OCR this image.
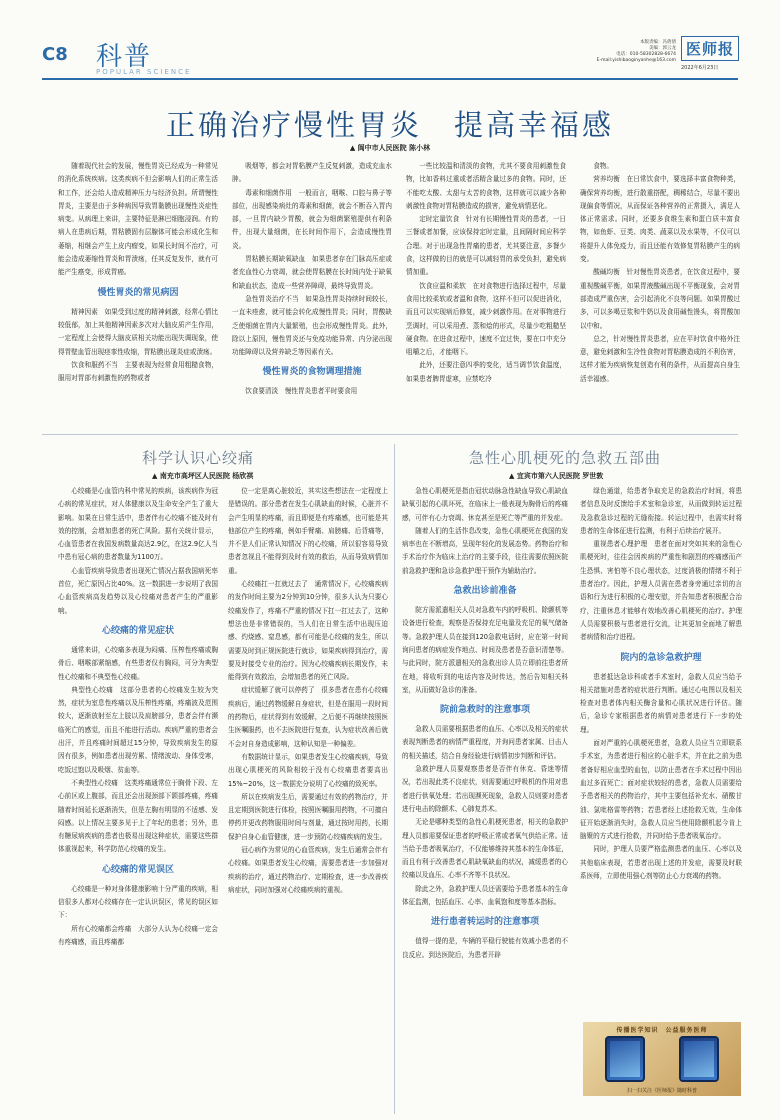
C8 科普
POPULAR SCIENCE
本版责编：冯倩倩
美编：郭云龙
电话：010-58302828-6674
E-mail:yishibaoginyanhe@163.com
医师报
2022年6月23日
正确治疗慢性胃炎　提高幸福感
▲ 阆中市人民医院 陈小林

随着现代社会的发展，慢性胃炎已经成为一种常见的消化系统疾病。这类疾病不但会影响人们的正常生活和工作，还会给人造成精神压力与经济负担。所谓慢性胃炎，主要是由于多种病因导致胃黏膜出现慢性炎症性病变。从病理上来讲，主要特征是淋巴细胞浸润。有的病人在患病后期，胃粘膜固有层腺体可能会形成化生和萎缩，相继会产生上皮内瘤变，如果长时间不治疗，可能会造成萎缩性胃炎和胃溃疡，任其反复发作，就有可能产生癌变，形成胃癌。

慢性胃炎的常见病因

精神因素　如果受到过度的精神刺激，经常心情比较低郁，加上其他精神因素多次对大脑皮质产生作用，一定程度上会使得大脑皮质相关功能出现失调现象，使得胃壁血管出现痉挛性收缩，胃粘膜出现炎症或溃疡。

饮食和服药不当　主要表现为经常食用粗糙食物，服用对胃部有刺激性的药物或者

吸烟等，都会对胃粘膜产生反复刺激，造成充血水肿。

毒素和细菌作用　一般而言，咽喉、口腔与鼻子等部位，出现感染病灶的毒素和细菌，就会不断吞入胃内部，一旦胃内缺少胃酸，就会为细菌繁殖提供有利条件，出现大量细菌，在长时间作用下，会造成慢性胃炎。

胃粘膜长期缺氧缺血　如果患者存在门脉高压症或者充血性心力衰竭，就会使胃粘膜在长时间内处于缺氧和缺血状态，造成一些营养障碍，最终导致胃炎。

急性胃炎治疗不当　如果急性胃炎持续时间较长，一直未痊愈，就可能会转化成慢性胃炎；同时，胃酸缺乏使细菌在胃内大量繁殖，也会形成慢性胃炎。此外，除以上原因，慢性胃炎还与免疫功能异常、内分泌出现功能障碍以及营养缺乏等因素有关。

慢性胃炎的食物调理措施

饮食要清淡　慢性胃炎患者平时要食用

一些比较温和清淡的食物，尤其不要食用刺激性食物，比如香料过重或者活精含量过多的食物。同时，还不能吃太酸、太甜与太苦的食物，这样就可以减少各种刺激性食物对胃粘膜造成的损害，避免病情恶化。

定时定量饮食　针对有长期慢性胃炎的患者，一日三餐或者加餐，应该保持定时定量，且间隔时间应科学合理。对于出现急性胃痛的患者，尤其要注意，多餐少食，这样做的目的就是可以减轻胃的承受负担，避免病情加重。

饮食应温和柔软　在对食物进行选择过程中，尽量食用比较柔软或者温和食物，这样不但可以促进消化，而且可以实现病后修复，减少刺激作用。在对事物进行烹调时，可以采用煮、蒸和烩的形式，尽量少吃粗糙坚硬食物。在进食过程中，速度不宜过快，要在口中充分咀嚼之后，才能咽下。

此外，还要注意四季的变化，适当调节饮食温度，如果患者脾胃虚寒，应禁吃冷

食物。

营养均衡　在日常饮食中，要选择丰富食物种类，确保营养均衡，进行散重搭配，稠稀结合，尽量不要出现偏食等情况，从而保证各种营养的正常摄入，满足人体正常需求。同时，还要多食维生素和蛋白质丰富食物，如鱼虾、豆类、肉类、蔬菜以及水果等，不仅可以将提升人体免疫力，而且还能有效修复胃粘膜产生的病变。

酸碱均衡　针对慢性胃炎患者，在饮食过程中，要重视酸碱平衡，如果胃液酸碱出现不平衡现象，会对胃部造成严重伤害，会引起消化不良等问题。如果胃酸过多，可以多喝豆浆和牛奶以及食用碱性馒头，将胃酸加以中和。

总之，针对慢性胃炎患者，应在平时饮食中格外注意，避免刺激和生冷性食物对胃粘膜造成的不利伤害，这样才能为疾病恢复创造有利的条件，从而提高自身生活幸福感。

科学认识心绞痛
▲ 南充市高坪区人民医院 杨欣祺

心绞痛是心血管内科中常见的疾病，该疾病作为冠心病的常见症状，对人体健康以及生命安全产生了重大影响。如果在日常生活中，患者伴有心绞痛不能及时有效的控制，会增加患者的死亡风险。据有关统计显示，心血管患者在我国发病数量高达2.9亿，在这2.9亿人当中患有冠心病的患者数量为1100万。

心血管疾病导致患者出现死亡情况占据我国病死率首位，死亡原因占比40%。这一数据进一步说明了我国心血管疾病高发趋势以及心绞痛对患者产生的严重影响。

心绞痛的常见症状

通常来讲，心绞痛多表现为闷痛、压榨性疼痛或胸骨后、咽喉部紧缩感，有些患者仅有胸闷，可分为典型性心绞痛和不典型性心绞痛。

典型性心绞痛　这部分患者的心绞痛发生较为突然，症状为室息性疼痛以及压榨性疼痛，疼痛波及范围较大，逐渐放射至左上肢以及肩膀部分，患者会伴有濒临死亡的感觉，而且不能进行活动。疾病严重的患者会出汗，并且疼痛时间超过15分钟，导致疾病发生的原因有很多，例如患者出现劳累、情绪波动、身体受寒，吃饭过饱以及吸烟、贫血等。

不典型性心绞痛　这类疼痛通常位于胸骨下段、左心前区或上腹部，而且还会出现颈部下颌部疼痛，疼痛随着时间延长逐渐消失，但是左胸有明显的不适感、发闷感。以上情况主要多见于上了年纪的患者；另外，患有糖尿病疾病的患者也极易出现这种症状，需要这些群体重视起来，科学防范心绞痛的发生。

心绞痛的常见误区

心绞痛是一种对身体健康影响十分严重的疾病，相信很多人都对心绞痛存在一定认识误区，常见的误区如下：

所有心绞痛都会疼痛　大部分人认为心绞痛一定会有疼痛感，而且疼痛都

位一定是离心脏较近，其实这些想法在一定程度上是错误的。部分患者在发生心肌缺血的时候，心脏并不会产生明显的疼痛，而且即便是有疼痛感，也可能是其他部位产生的疼痛，例如手臂痛、肩膀痛、后背痛等，并不是人们正常认知情况下的心绞痛，所以很容易导致患者忽视且不能得到及时有效的救治，从而导致病情加重。

心绞痛扛一扛就过去了　通常情况下，心绞痛疾病的发作时间主要为2分钟到10分钟，很多人认为只要心绞痛发作了，疼痛不严重的情况下扛一扛过去了，这种想法也是非常错误的，当人们在日常生活中出现压迫感、灼烧感、窒息感，都有可能是心绞痛的发生，所以需要及时到正规医院进行就诊，如果疾病得到治疗，需要及时接受专业的治疗。因为心绞痛疾病长期发作，未能得到有效救治，会增加患者的死亡风险。

症状缓解了就可以停药了　很多患者在患有心绞痛疾病后，通过药物缓解自身症状，但是在服用一段时间的药物后，症状得到有效缓解，之后便不再继续按照医生医嘱服药，也不去医院进行复查，认为症状改善后就不会对自身造成影响，这种认知是一种偏差。

有数据统计显示，如果患者发生心绞痛疾病，导致出现心肌梗死的风险相较于没有心绞痛患者要高出15%~20%，这一数据充分说明了心绞痛的致死率。

所以在疾病发生后，需要通过有效的药物治疗，并且定期到医院进行体检，按照医嘱服用药物，不可擅自停药并更改药物服用时间与剂量，通过按时用药，长期保护自身心血管健康，进一步预防心绞痛疾病的发生。

冠心病作为常见的心血管疾病，发生后通常会伴有心绞痛。如果患者发生心绞痛，需要患者进一步加强对疾病的治疗，通过药物治疗、定期检查，进一步改善疾病症状，同时加强对心绞痛疾病的重视。

急性心肌梗死的急救五部曲
▲ 宜宾市第六人民医院 罗世敦

急性心肌梗死是指由冠状动脉急性缺血导致心肌缺血缺氧引起的心肌坏死，在临床上一般表现为胸骨后的疼痛感，可伴有心力衰竭、休克甚至是死亡等严重的并发症。

随着人们的生活作息改变，急性心肌梗死在我国的发病率也在不断增高，呈现年轻化的发展态势。药物治疗和手术治疗作为临床上治疗的主要手段，往往需要依照医院前急救护理和急诊急救护理干预作为辅助治疗。

急救出诊前准备

院方需派遣相关人员对急救车内的呼吸机、除颤机等设备进行检查，观察是否保持充足电量及充足的氧气储备等。急救护理人员在接到120急救电话时，应在第一时间询问患者的病症发作地点、时间及患者是否意识清楚等。与此同时，院方派遣相关的急救出诊人员立即前往患者所在地，将收听到的电话内容及时传达，然后告知相关科室，从而做好急诊的准备。

院前急救时的注意事项

急救人员需要根据患者的血压、心率以及相关的症状表现判断患者的病情严重程度，并询问患者家属、目击人的相关描述，结合自身经验进行病情初步判断和评估。

急救护理人员要观察患者是否伴有休克、昏迷等情况，若出现此类不良症状，则需要通过呼吸机的作用对患者进行供氧处理；若出现濒死现象，急救人员则要对患者进行电击的除颤术、心肺复苏术。

无论是哪种类型的急性心肌梗死患者，相关的急救护理人员都需要保证患者的呼吸正常或者氧气供给正常。适当给予患者吸氧治疗，不仅能够维持其基本的生命体征，而且有利于改善患者心肌缺氧缺血的状况，减缓患者的心绞痛以及血压、心率不齐等不良状况。

除此之外，急救护理人员还需要给予患者基本的生命体征监测，包括血压、心率、血氧饱和度等基本指标。

进行患者转运时的注意事项

值得一提的是，车辆的平稳行驶能有效减小患者的不良反应。到达医院后，为患者开辟

绿色通道，给患者争取充足的急救治疗时间，将患者信息及时反馈给手术室和急诊室，从而做到转运过程及急救急诊过程的无缝衔接。转运过程中，也需实时将患者的生命体征进行监测，有利于后续治疗展开。

重视患者心理护理　患者在面对突如其来的急性心肌梗死时，往往会因疾病的严重性和剧烈的疼痛感而产生恐惧、害怕等不良心理状态，过度消极的情绪不利于患者治疗。因此，护理人员需在患者身旁通过亲切的言语和行为进行积极的心理安慰，并告知患者积极配合治疗，注重休息才能够有效地改善心肌梗死的治疗。护理人员需要积极与患者进行交流，让其更加全面地了解患者病情和治疗进程。

院内的急诊急救护理

患者抵达急诊科或者手术室时，急救人员应当给予相关措施对患者的症状进行判断。通过心电图以及相关检查对患者体内相关酶含量和心肌状况进行评估。随后，急诊专家根据患者的病情对患者进行下一步的处理。

面对严重的心肌梗死患者，急救人员应当立即联系手术室，为患者进行相应的心脏手术，并在此之前为患者备好相应血型的血包，以防止患者在手术过程中因出血过多而死亡；面对症状较轻的患者，急救人员需要给予患者相关的药物治疗，其中主要包括补充水、硝酸甘油、氯吡格雷等药物；若患者经上述抢救无效，生命体征开始逐渐消失时，急救人员应当使用除颤机起今肯上脑聚的方式进行抢救，并同时给予患者吸氧治疗。

同时，护理人员要严格监测患者的血压、心率以及其他临床表现，若患者出现上述的并发症，需要及时联系医师，立即使用强心剂等防止心力衰竭的药物。

传播医学知识　公益服务医师
扫一扫关注《医师报》随时科普
